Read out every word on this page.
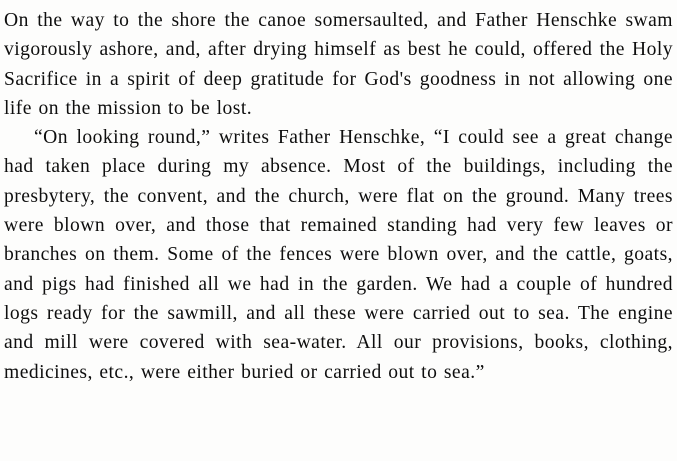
On the way to the shore the canoe somersaulted, and Father Henschke swam vigorously ashore, and, after drying himself as best he could, offered the Holy Sacrifice in a spirit of deep gratitude for God's goodness in not allowing one life on the mission to be lost.

“On looking round,” writes Father Henschke, “I could see a great change had taken place during my absence. Most of the buildings, including the presbytery, the convent, and the church, were flat on the ground. Many trees were blown over, and those that remained standing had very few leaves or branches on them. Some of the fences were blown over, and the cattle, goats, and pigs had finished all we had in the garden. We had a couple of hundred logs ready for the sawmill, and all these were carried out to sea. The engine and mill were covered with sea-water. All our provisions, books, clothing, medicines, etc., were either buried or carried out to sea.”
